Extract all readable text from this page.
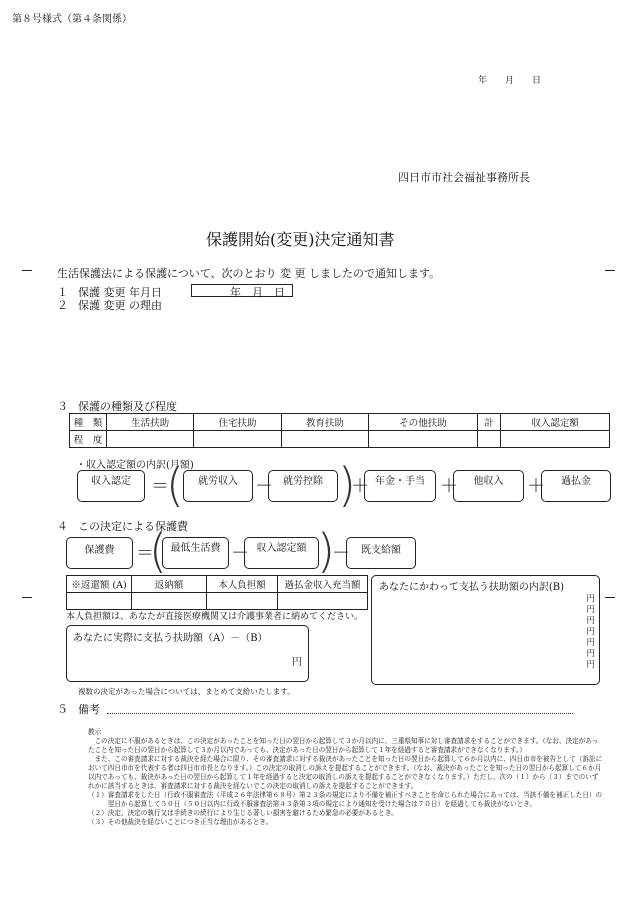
第８号様式（第４条関係）
年　　月　　日
四日市市社会福祉事務所長
保護開始(変更)決定通知書
生活保護法による保護について、次のとおり 変 更 しましたので通知します。
１ 保護 変更 年月日	年　月　日
２ 保護 変更 の理由
３ 保護の種類及び程度
種　類	生活扶助	住宅扶助	教育扶助	その他扶助	計	収入認定額
程　度						
・収入認定額の内訳(月額)
収入認定	＝
(	就労収入 －	就労控除 )
＋ 年金・手当 ＋	他収入	＋	過払金
４ この決定による保護費
保護費	＝
( 最低生活費 － 収入認定額 )
－	既支給額
※返還額 (A)	返納額	本人負担額	過払金収入充当額

本人負担額は、あなたが直接医療機関又は介護事業者に納めてください。
あなたに実際に支払う扶助額（A）－（B）
円
あなたにかわって支払う扶助額の内訳(B)
円
円
円
円
円
円
円
複数の決定があった場合については、まとめて支給いたします。
５ 備考

教示

この決定に不服があるときは、この決定があったことを知った日の翌日から起算して３か月以内に、三重県知事に対し審査請求をすることができます。（なお、決定があったことを知った日の翌日から起算して３か月以内であっても、決定があった日の翌日から起算して１年を経過すると審査請求ができなくなります。）

また、この審査請求に対する裁決を経た場合に限り、その審査請求に対する裁決があったことを知った日の翌日から起算して６か月以内に、四日市市を被告として（訴訟において四日市市を代表する者は四日市市長となります。）この決定の取消しの訴えを提起することができます。（なお、裁決があったことを知った日の翌日から起算して６か月以内であっても、裁決があった日の翌日から起算して１年を経過すると決定の取消しの訴えを提起することができなくなります。）ただし、次の（１）から（３）までのいずれかに該当するときは、審査請求に対する裁決を経ないでこの決定の取消しの訴えを提起することができます。

（１）審査請求をした日（行政不服審査法（平成２６年法律第６８号）第２３条の規定により不備を補正すべきことを命じられた場合にあっては、当該不備を補正した日）の翌日から起算して５０日（５０日以内に行政不服審査法第４３条第３項の規定により通知を受けた場合は７０日）を経過しても裁決がないとき。

（２）決定、決定の執行又は手続きの続行により生じる著しい損害を避けるため緊急の必要があるとき。

（３）その他裁決を経ないことにつき正当な理由があるとき。
